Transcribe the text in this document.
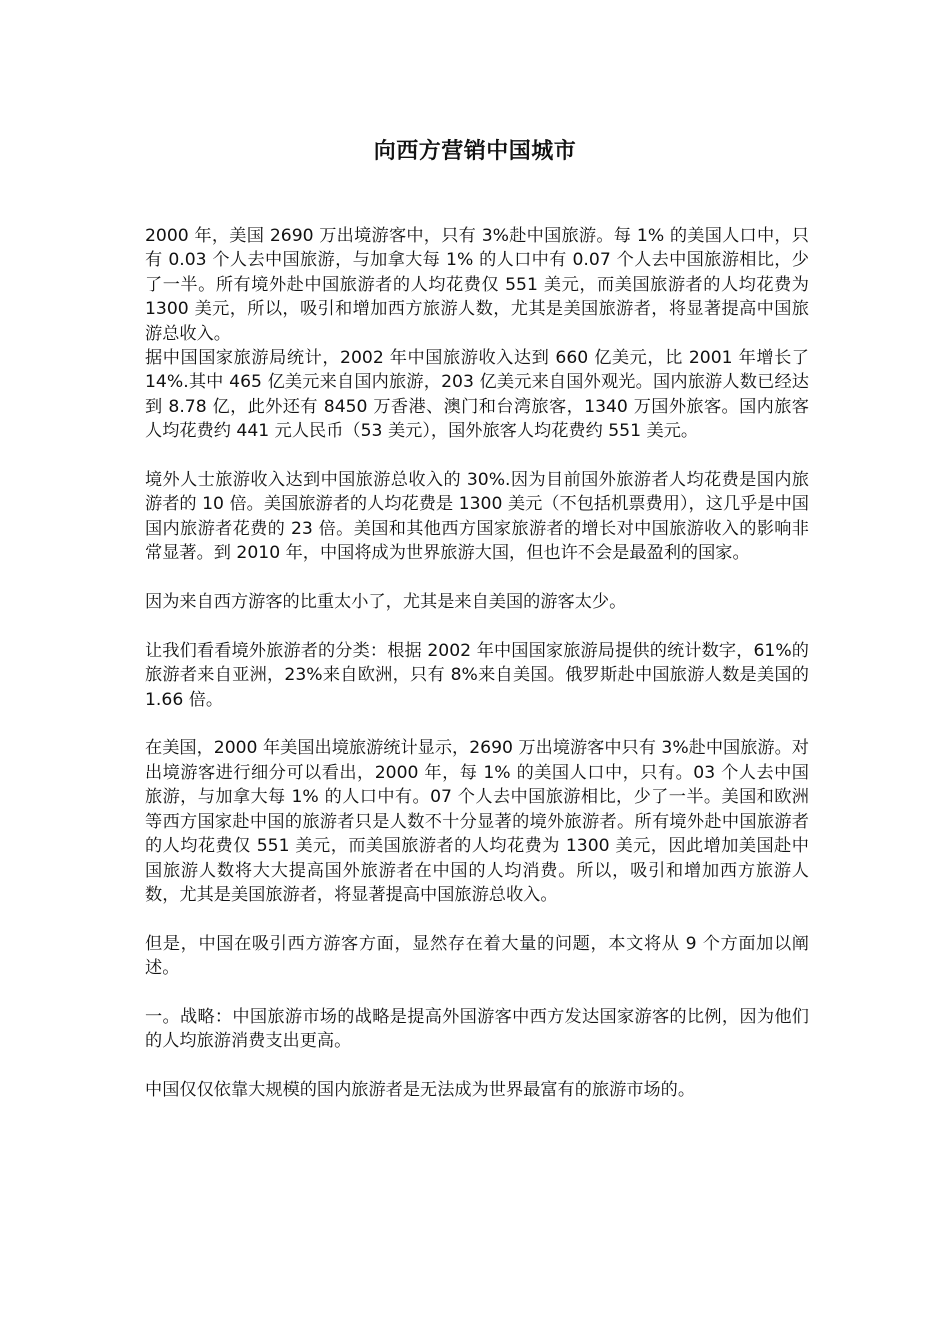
向西方营销中国城市

2000 年，美国 2690 万出境游客中，只有 3%赴中国旅游。每 1% 的美国人口中，只有 0.03 个人去中国旅游，与加拿大每 1% 的人口中有 0.07 个人去中国旅游相比，少了一半。所有境外赴中国旅游者的人均花费仅 551 美元，而美国旅游者的人均花费为 1300 美元，所以，吸引和增加西方旅游人数，尤其是美国旅游者，将显著提高中国旅游总收入。

据中国国家旅游局统计，2002 年中国旅游收入达到 660 亿美元，比 2001 年增长了 14%.其中 465 亿美元来自国内旅游，203 亿美元来自国外观光。国内旅游人数已经达到 8.78 亿，此外还有 8450 万香港、澳门和台湾旅客，1340 万国外旅客。国内旅客人均花费约 441 元人民币（53 美元），国外旅客人均花费约 551 美元。

境外人士旅游收入达到中国旅游总收入的 30%.因为目前国外旅游者人均花费是国内旅游者的 10 倍。美国旅游者的人均花费是 1300 美元（不包括机票费用），这几乎是中国国内旅游者花费的 23 倍。美国和其他西方国家旅游者的增长对中国旅游收入的影响非常显著。到 2010 年，中国将成为世界旅游大国，但也许不会是最盈利的国家。

因为来自西方游客的比重太小了，尤其是来自美国的游客太少。

让我们看看境外旅游者的分类：根据 2002 年中国国家旅游局提供的统计数字，61%的旅游者来自亚洲，23%来自欧洲，只有 8%来自美国。俄罗斯赴中国旅游人数是美国的 1.66 倍。

在美国，2000 年美国出境旅游统计显示，2690 万出境游客中只有 3%赴中国旅游。对出境游客进行细分可以看出，2000 年，每 1% 的美国人口中，只有。03 个人去中国旅游，与加拿大每 1% 的人口中有。07 个人去中国旅游相比，少了一半。美国和欧洲等西方国家赴中国的旅游者只是人数不十分显著的境外旅游者。所有境外赴中国旅游者的人均花费仅 551 美元，而美国旅游者的人均花费为 1300 美元，因此增加美国赴中国旅游人数将大大提高国外旅游者在中国的人均消费。所以，吸引和增加西方旅游人数，尤其是美国旅游者，将显著提高中国旅游总收入。

但是，中国在吸引西方游客方面，显然存在着大量的问题，本文将从 9 个方面加以阐述。

一。战略：中国旅游市场的战略是提高外国游客中西方发达国家游客的比例，因为他们的人均旅游消费支出更高。

中国仅仅依靠大规模的国内旅游者是无法成为世界最富有的旅游市场的。
